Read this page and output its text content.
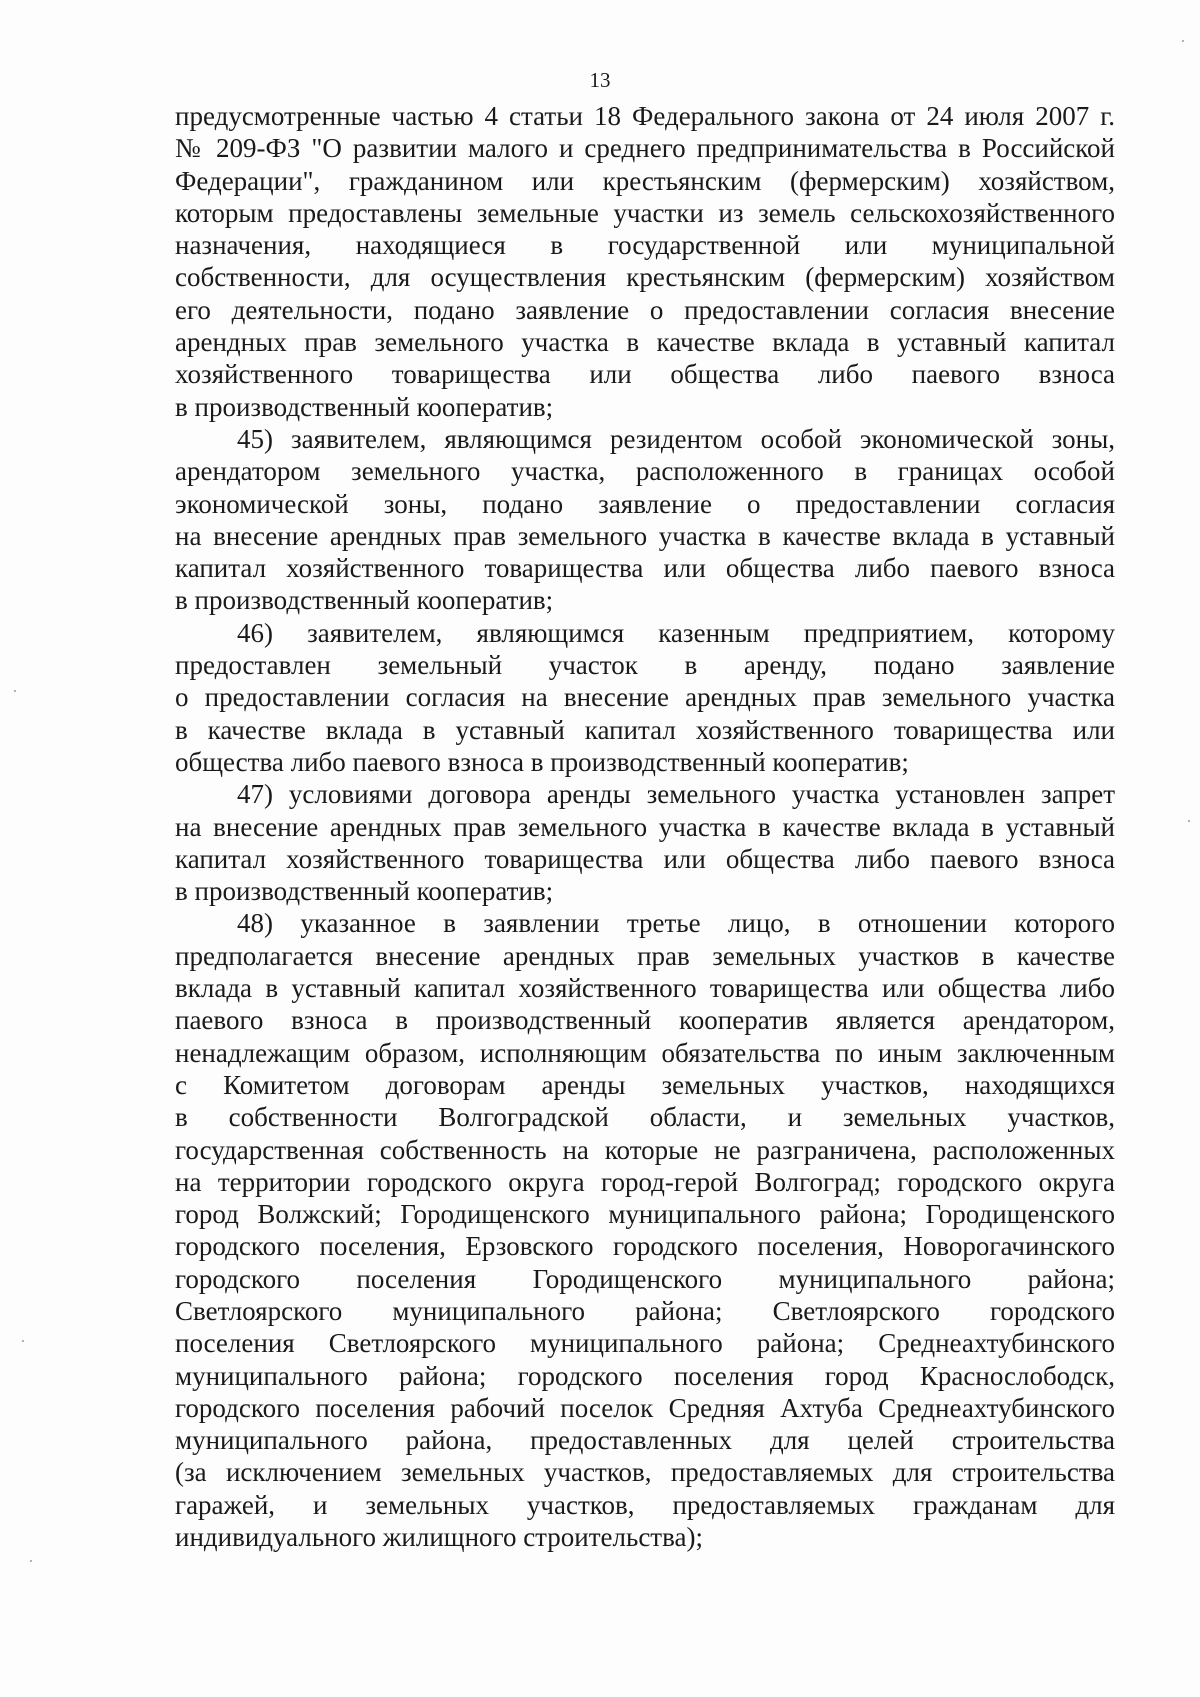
13
предусмотренные частью 4 статьи 18 Федерального закона от 24 июля 2007 г.
№ 209-ФЗ "О развитии малого и среднего предпринимательства в Российской
Федерации", гражданином или крестьянским (фермерским) хозяйством,
которым предоставлены земельные участки из земель сельскохозяйственного
назначения, находящиеся в государственной или муниципальной
собственности, для осуществления крестьянским (фермерским) хозяйством
его деятельности, подано заявление о предоставлении согласия внесение
арендных прав земельного участка в качестве вклада в уставный капитал
хозяйственного товарищества или общества либо паевого взноса
в производственный кооператив;
45) заявителем, являющимся резидентом особой экономической зоны,
арендатором земельного участка, расположенного в границах особой
экономической зоны, подано заявление о предоставлении согласия
на внесение арендных прав земельного участка в качестве вклада в уставный
капитал хозяйственного товарищества или общества либо паевого взноса
в производственный кооператив;
46) заявителем, являющимся казенным предприятием, которому
предоставлен земельный участок в аренду, подано заявление
о предоставлении согласия на внесение арендных прав земельного участка
в качестве вклада в уставный капитал хозяйственного товарищества или
общества либо паевого взноса в производственный кооператив;
47) условиями договора аренды земельного участка установлен запрет
на внесение арендных прав земельного участка в качестве вклада в уставный
капитал хозяйственного товарищества или общества либо паевого взноса
в производственный кооператив;
48) указанное в заявлении третье лицо, в отношении которого
предполагается внесение арендных прав земельных участков в качестве
вклада в уставный капитал хозяйственного товарищества или общества либо
паевого взноса в производственный кооператив является арендатором,
ненадлежащим образом, исполняющим обязательства по иным заключенным
с Комитетом договорам аренды земельных участков, находящихся
в собственности Волгоградской области, и земельных участков,
государственная собственность на которые не разграничена, расположенных
на территории городского округа город-герой Волгоград; городского округа
город Волжский; Городищенского муниципального района; Городищенского
городского поселения, Ерзовского городского поселения, Новорогачинского
городского поселения Городищенского муниципального района;
Светлоярского муниципального района; Светлоярского городского
поселения Светлоярского муниципального района; Среднеахтубинского
муниципального района; городского поселения город Краснослободск,
городского поселения рабочий поселок Средняя Ахтуба Среднеахтубинского
муниципального района, предоставленных для целей строительства
(за исключением земельных участков, предоставляемых для строительства
гаражей, и земельных участков, предоставляемых гражданам для
индивидуального жилищного строительства);
